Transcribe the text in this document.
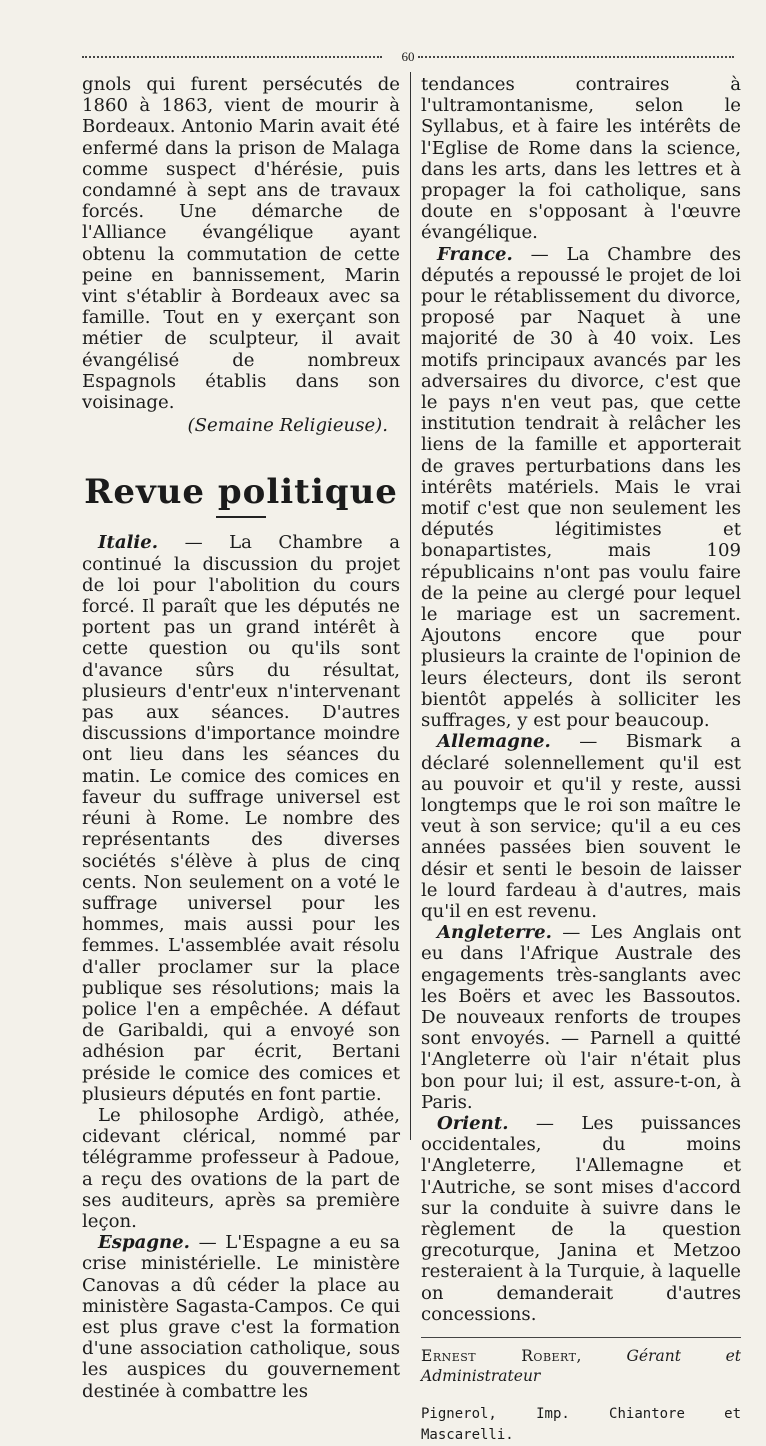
60

gnols qui furent persécutés de 1860 à 1863, vient de mourir à Bordeaux. Antonio Marin avait été enfermé dans la prison de Malaga comme suspect d'hérésie, puis condamné à sept ans de travaux forcés. Une démarche de l'Alliance évangélique ayant obtenu la commutation de cette peine en bannissement, Marin vint s'établir à Bordeaux avec sa famille. Tout en y exerçant son métier de sculpteur, il avait évangélisé de nombreux Espagnols établis dans son voisinage.

(Semaine Religieuse).

Revue politique

Italie. — La Chambre a continué la discussion du projet de loi pour l'abolition du cours forcé. Il paraît que les députés ne portent pas un grand intérêt à cette question ou qu'ils sont d'avance sûrs du résultat, plusieurs d'entr'eux n'intervenant pas aux séances. D'autres discussions d'importance moindre ont lieu dans les séances du matin. Le comice des comices en faveur du suffrage universel est réuni à Rome. Le nombre des représentants des diverses sociétés s'élève à plus de cinq cents. Non seulement on a voté le suffrage universel pour les hommes, mais aussi pour les femmes. L'assemblée avait résolu d'aller proclamer sur la place publique ses résolutions; mais la police l'en a empêchée. A défaut de Garibaldi, qui a envoyé son adhésion par écrit, Bertani préside le comice des comices et plusieurs députés en font partie.

Le philosophe Ardigò, athée, cidevant clérical, nommé par télégramme professeur à Padoue, a reçu des ovations de la part de ses auditeurs, après sa première leçon.

Espagne. — L'Espagne a eu sa crise ministérielle. Le ministère Canovas a dû céder la place au ministère Sagasta-Campos. Ce qui est plus grave c'est la formation d'une association catholique, sous les auspices du gouvernement destinée à combattre les

tendances contraires à l'ultramontanisme, selon le Syllabus, et à faire les intérêts de l'Eglise de Rome dans la science, dans les arts, dans les lettres et à propager la foi catholique, sans doute en s'opposant à l'œuvre évangélique.

France. — La Chambre des députés a repoussé le projet de loi pour le rétablissement du divorce, proposé par Naquet à une majorité de 30 à 40 voix. Les motifs principaux avancés par les adversaires du divorce, c'est que le pays n'en veut pas, que cette institution tendrait à relâcher les liens de la famille et apporterait de graves perturbations dans les intérêts matériels. Mais le vrai motif c'est que non seulement les députés légitimistes et bonapartistes, mais 109 républicains n'ont pas voulu faire de la peine au clergé pour lequel le mariage est un sacrement. Ajoutons encore que pour plusieurs la crainte de l'opinion de leurs électeurs, dont ils seront bientôt appelés à solliciter les suffrages, y est pour beaucoup.

Allemagne. — Bismark a déclaré solennellement qu'il est au pouvoir et qu'il y reste, aussi longtemps que le roi son maître le veut à son service; qu'il a eu ces années passées bien souvent le désir et senti le besoin de laisser le lourd fardeau à d'autres, mais qu'il en est revenu.

Angleterre. — Les Anglais ont eu dans l'Afrique Australe des engagements très-sanglants avec les Boërs et avec les Bassoutos. De nouveaux renforts de troupes sont envoyés. — Parnell a quitté l'Angleterre où l'air n'était plus bon pour lui; il est, assure-t-on, à Paris.

Orient. — Les puissances occidentales, du moins l'Angleterre, l'Allemagne et l'Autriche, se sont mises d'accord sur la conduite à suivre dans le règlement de la question grecoturque, Janina et Metzoo resteraient à la Turquie, à laquelle on demanderait d'autres concessions.

Ernest Robert,	Gérant et Administrateur
Pignerol, Imp. Chiantore et Mascarelli.
